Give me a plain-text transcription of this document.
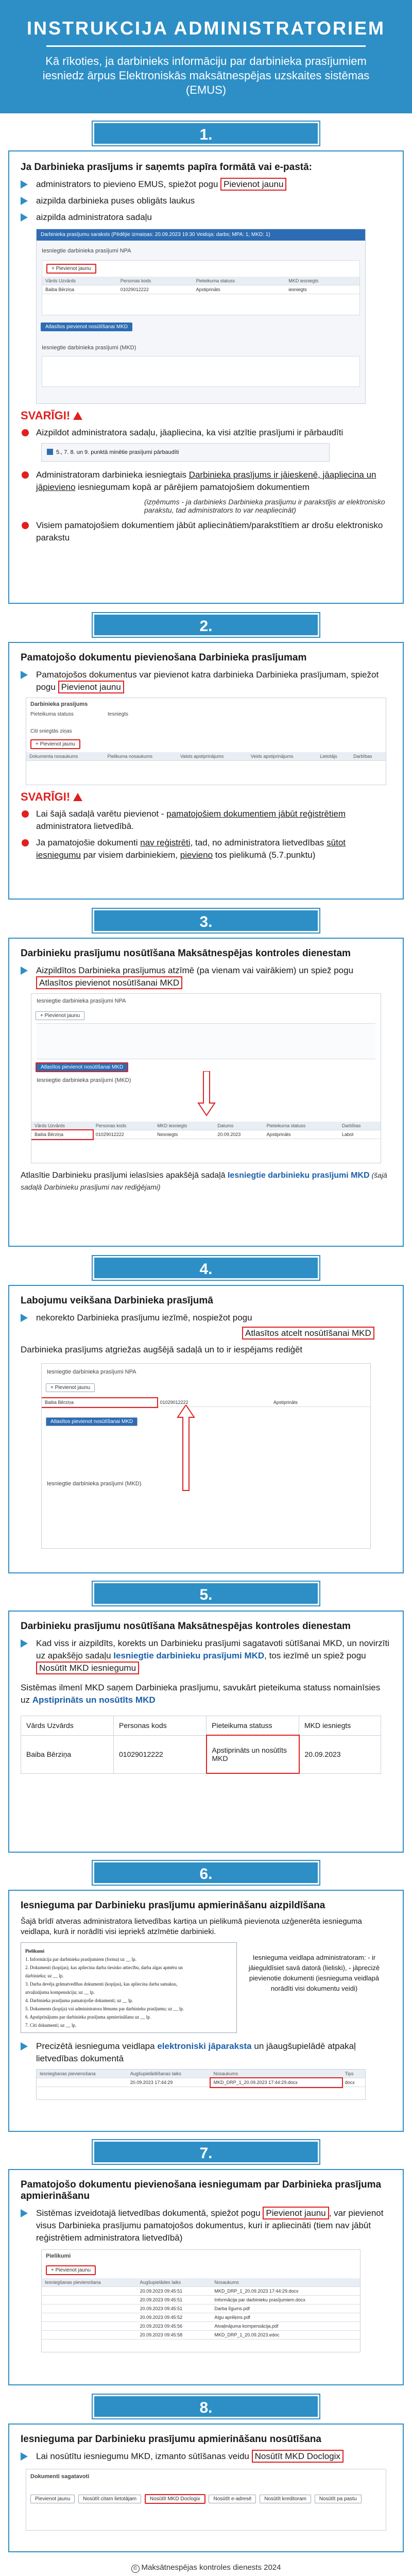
INSTRUKCIJA ADMINISTRATORIEM

Kā rīkoties, ja darbinieks informāciju par darbinieka prasījumiem iesniedz ārpus Elektroniskās maksātnespējas uzskaites sistēmas (EMUS)

1.
Ja Darbinieka prasījums ir saņemts papīra formātā vai e-pastā:
administrators to pievieno EMUS, spiežot pogu Pievienot jaunu
aizpilda darbinieka puses obligāts laukus
aizpilda administratora sadaļu
Darbinieka prasījumu saraksts (Pēdējie izmaiņas: 20.09.2023 19:30 Veidoja: darbs; MPA: 1; MKD: 1)
Iesniegtie darbinieka prasījumi NPA
+ Pievienot jaunu
Vārds Uzvārds	Personas kods	Pieteikuma statuss	MKD iesniegts
Baiba Bērziņa	01029012222	Apstiprināts	iesniegts
Atlasītos pievienot nosūtīšanai MKD
Iesniegtie darbinieka prasījumi (MKD)
SVARĪGI!
Aizpildot administratora sadaļu, jāapliecina, ka visi atzītie prasījumi ir pārbaudīti
5., 7. 8. un 9. punktā minētie prasījumi pārbaudīti
Administratoram darbinieka iesniegtais Darbinieka prasījums ir jāieskenē, jāapliecina un jāpievieno iesniegumam kopā ar pārējiem pamatojošiem dokumentiem
(izņēmums - ja darbinieks Darbinieka prasījumu ir parakstījis ar elektronisko parakstu, tad administrators to var neapliecināt)
Visiem pamatojošiem dokumentiem jābūt apliecinātiem/parakstītiem ar drošu elektronisko parakstu
2.
Pamatojošo dokumentu pievienošana Darbinieka prasījumam
Pamatojošos dokumentus var pievienot katra darbinieka Darbinieka prasījumam, spiežot pogu Pievienot jaunu
Darbinieka prasījums
Pieteikuma statuss	Iesniegts
Citi sniegtās ziņas
+ Pievienot jaunu
Dokumenta nosaukums	Pielikuma nosaukums	Valsts apstiprinājums	Veids apstiprinājums	Lietotājs	Darbības
SVARĪGI!
Lai šajā sadaļā varētu pievienot - pamatojošiem dokumentiem jābūt reģistrētiem administratora lietvedībā.
Ja pamatojošie dokumenti nav reģistrēti, tad, no administratora lietvedības sūtot iesniegumu par visiem darbiniekiem, pievieno tos pielikumā (5.7.punktu)
3.
Darbinieku prasījumu nosūtīšana Maksātnespējas kontroles dienestam
Aizpildītos Darbinieka prasījumus atzīmē (pa vienam vai vairākiem) un spiež pogu Atlasītos pievienot nosūtīšanai MKD
Iesniegtie darbinieka prasījumi NPA
+ Pievienot jaunu
Atlasītos pievienot nosūtīšanai MKD
Iesniegtie darbinieka prasījumi (MKD)
Vārds Uzvārds	Personas kods	MKD iesniegts	Datums	Pieteikuma statuss	Darbības
Baiba Bērziņa	01029012222	Nesniegts	20.09.2023	Apstiprināts	Labot
Atlasītie Darbinieku prasījumi ielasīsies apakšējā sadaļā Iesniegtie darbinieku prasījumi MKD (šajā sadaļā Darbinieku prasījumi nav rediģējami)
4.
Labojumu veikšana Darbinieka prasījumā
nekorekto Darbinieka prasījumu iezīmē, nospiežot pogu
Atlasītos atcelt nosūtīšanai MKD
Darbinieka prasījums atgriežas augšējā sadaļā un to ir iespējams rediģēt
Iesniegtie darbinieka prasījumi NPA
+ Pievienot jaunu
Baiba Bērziņa	01029012222	Apstiprināts
Atlasītos pievienot nosūtīšanai MKD
Iesniegtie darbinieka prasījumi (MKD)
5.
Darbinieku prasījumu nosūtīšana Maksātnespējas kontroles dienestam
Kad viss ir aizpildīts, korekts un Darbinieku prasījumi sagatavoti sūtīšanai MKD, un novirzīti uz apakšējo sadaļu Iesniegtie darbinieku prasījumi MKD, tos iezīmē un spiež pogu Nosūtīt MKD iesniegumu
Sistēmas ilmenī MKD saņem Darbinieka prasījumu, savukārt pieteikuma statuss nomainīsies uz Apstiprināts un nosūtīts MKD
Vārds Uzvārds	Personas kods	Pieteikuma statuss	MKD iesniegts
Baiba Bērziņa	01029012222	Apstiprināts un nosūtīts MKD	20.09.2023
6.
Iesnieguma par Darbinieku prasījumu apmierināšanu aizpildīšana
Šajā brīdī atveras administratora lietvedības kartiņa un pielikumā pievienota uzģenerēta iesnieguma veidlapa, kurā ir norādīti visi iepriekš atzīmētie darbinieki.
Pielikumi
1. Informācija par darbinieku prasījumiem (forma) uz __ lp.
2. Dokumenti (kopijas), kas apliecina darba tiesisko attiecību, darba algas apmēru un
darbinieku; uz __ lp.
3. Darba devēja grāmatvedības dokumenti (kopijas), kas apliecina darba samaksu,
atvaļinājuma kompensāciju; uz __ lp.
4. Darbinieka prasījuma pamatojošie dokumenti; uz __ lp.
5. Dokuments (kopija) vai administratora lēmums par darbinieku prasījumu; uz __ lp.
6. Apstiprinājums par darbinieka prasījuma apmierināšanu uz __ lp.
7. Citi dokumenti; uz __ lp.
Iesnieguma veidlapa administratoram: - ir jāieguldīsiet savā datorā (lieliski), - jāprecizē pievienotie dokumenti (iesnieguma veidlapā norādīti visi dokumentu veidi)
Precizētā iesnieguma veidlapa elektroniski jāparaksta un jāaugšupielādē atpakaļ lietvedības dokumentā
Iesniegšanas pievienošana	Augšupielādēšanas laiks	Nosaukums	Tips
	20.09.2023 17:44:29	MKD_DRP_1_20.09.2023 17:44:29.docx	docx
7.
Pamatojošo dokumentu pievienošana iesniegumam par Darbinieka prasījuma apmierināšanu
Sistēmas izveidotajā lietvedības dokumentā, spiežot pogu Pievienot jaunu , var pievienot visus Darbinieka prasījumu pamatojošos dokumentus, kuri ir apliecināti (tiem nav jābūt reģistrētiem administratora lietvedībā)
Pielikumi
+ Pievienot jaunu
Iesniegšanas pievienošana	Augšupielādes laiks	Nosaukums
	20.09.2023 09:45:51	MKD_DRP_1_20.09.2023 17:44:29.docx
	20.09.2023 09:45:51	Informācija par darbinieku prasījumiem.docx
	20.09.2023 09:45:51	Darba līgums.pdf
	20.09.2023 09:45:52	Algu aprēķins.pdf
	20.09.2023 09:45:56	Atvaļinājuma kompensācija.pdf
	20.09.2023 09:45:58	MKD_DRP_1_20.09.2023.edoc
8.
Iesnieguma par Darbinieku prasījumu apmierināšanu nosūtīšana
Lai nosūtītu iesniegumu MKD, izmanto sūtīšanas veidu Nosūtīt MKD Doclogix
Dokumenti sagatavoti
Pievienot jaunu Nosūtīt citam lietotājam	Nosūtīt MKD Doclogix	Nosūtīt e-adresē Nosūtīt kreditoram Nosūtīt pa pastu
© Maksātnespējas kontroles dienests 2024
